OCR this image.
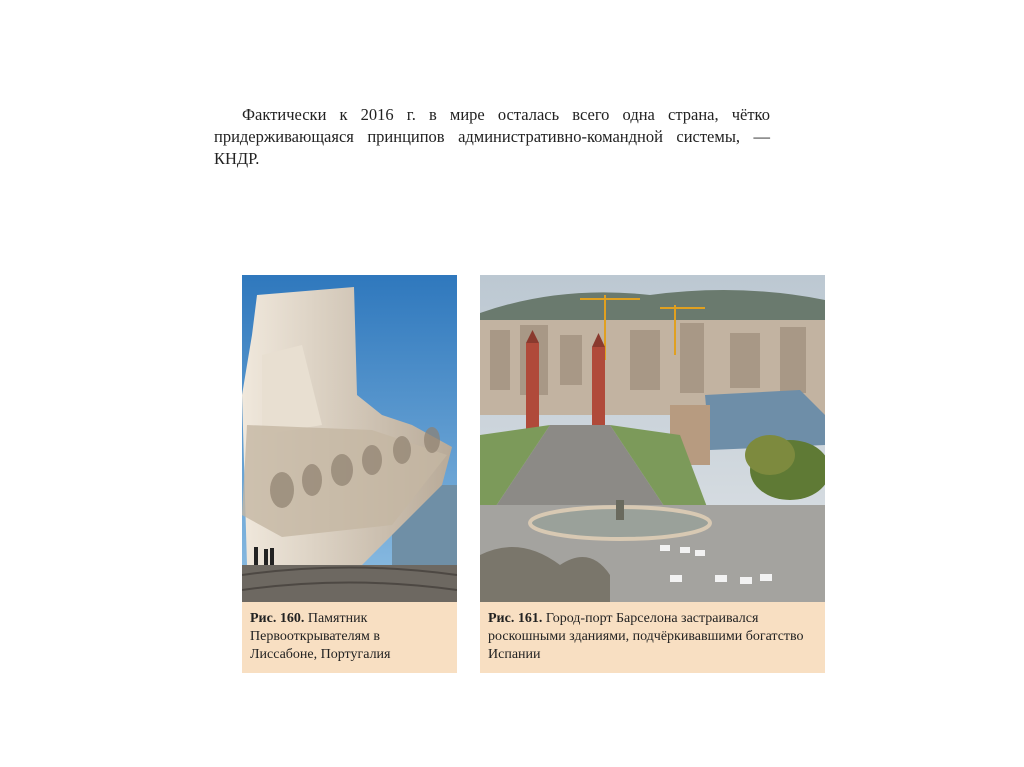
Фактически к 2016 г. в мире осталась всего одна страна, чётко придерживающаяся принципов административно-командной системы, — КНДР.
Рис. 160. Памятник Первооткрывателям в Лиссабоне, Португалия
Рис. 161. Город-порт Барселона застраивался роскошными зданиями, подчёркивавшими богатство Испании
